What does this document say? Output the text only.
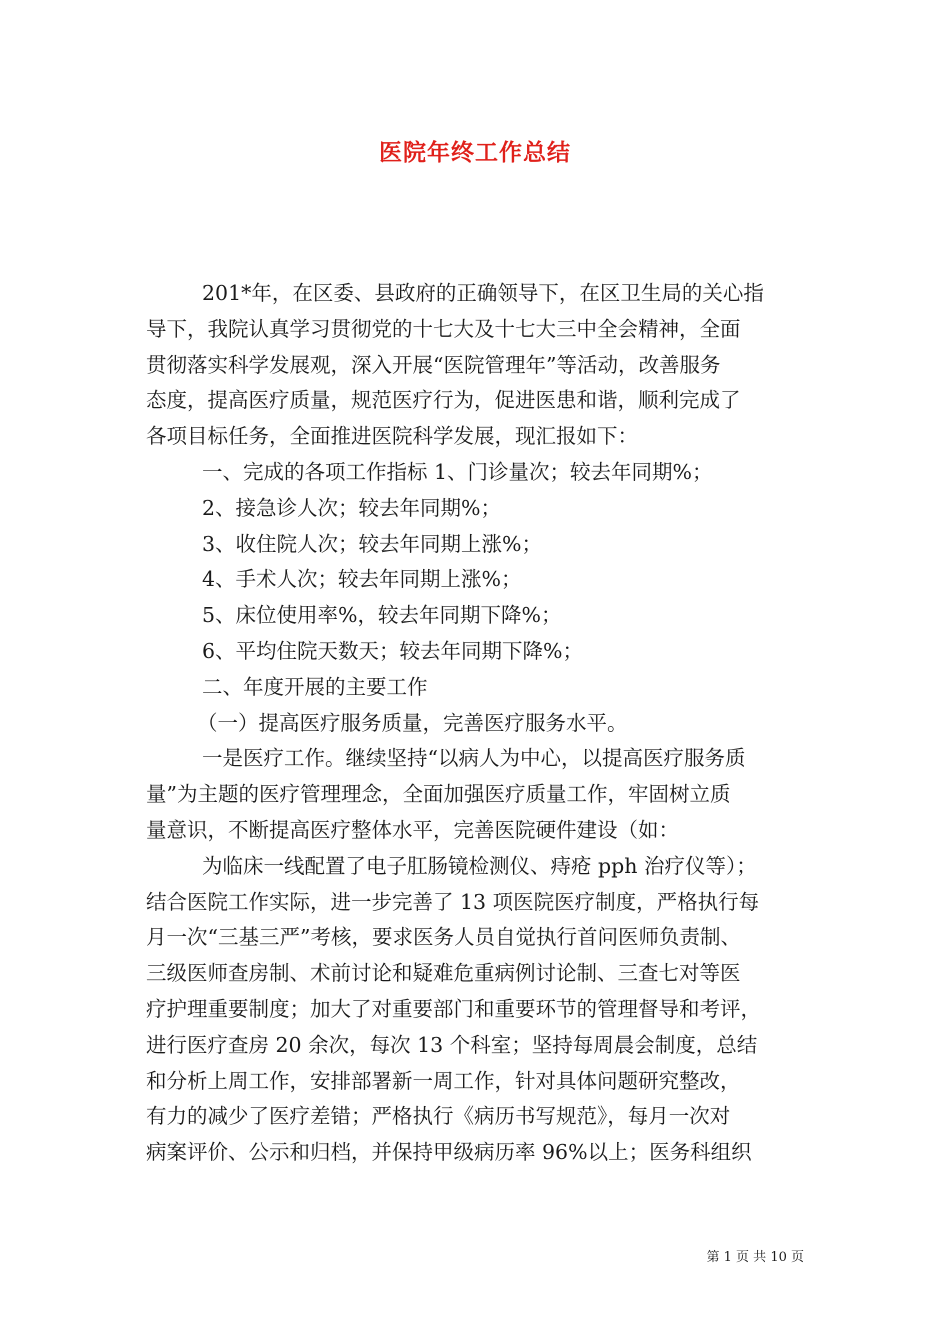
医院年终工作总结
201*年，在区委、县政府的正确领导下，在区卫生局的关心指
导下，我院认真学习贯彻党的十七大及十七大三中全会精神，全面
贯彻落实科学发展观，深入开展“医院管理年”等活动，改善服务
态度，提高医疗质量，规范医疗行为，促进医患和谐，顺利完成了
各项目标任务，全面推进医院科学发展，现汇报如下：
一、完成的各项工作指标 1、门诊量次；较去年同期%；
2、接急诊人次；较去年同期%；
3、收住院人次；较去年同期上涨%；
4、手术人次；较去年同期上涨%；
5、床位使用率%，较去年同期下降%；
6、平均住院天数天；较去年同期下降%；
二、年度开展的主要工作
（一）提高医疗服务质量，完善医疗服务水平。
一是医疗工作。继续坚持“以病人为中心，以提高医疗服务质
量”为主题的医疗管理理念，全面加强医疗质量工作，牢固树立质
量意识，不断提高医疗整体水平，完善医院硬件建设（如：
为临床一线配置了电子肛肠镜检测仪、痔疮 pph 治疗仪等）；
结合医院工作实际，进一步完善了 13 项医院医疗制度，严格执行每
月一次“三基三严”考核，要求医务人员自觉执行首问医师负责制、
三级医师查房制、术前讨论和疑难危重病例讨论制、三查七对等医
疗护理重要制度；加大了对重要部门和重要环节的管理督导和考评，
进行医疗查房 20 余次，每次 13 个科室；坚持每周晨会制度，总结
和分析上周工作，安排部署新一周工作，针对具体问题研究整改，
有力的减少了医疗差错；严格执行《病历书写规范》，每月一次对
病案评价、公示和归档，并保持甲级病历率 96%以上；医务科组织
第 1 页 共 10 页
